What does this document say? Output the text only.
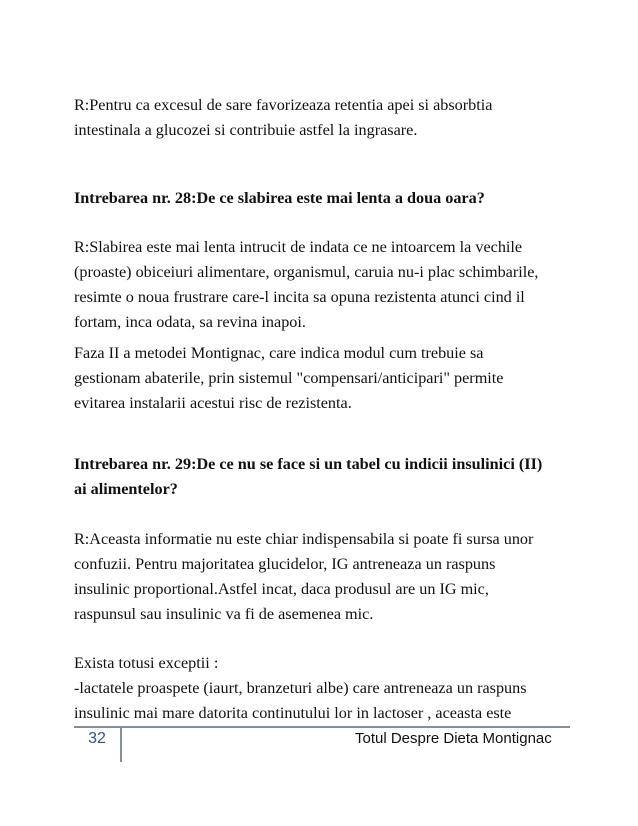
R:Pentru ca excesul de sare favorizeaza retentia apei si absorbtia
intestinala a glucozei si contribuie astfel la ingrasare.
Intrebarea nr. 28:De ce slabirea este mai lenta a doua oara?
R:Slabirea este mai lenta intrucit de indata ce ne intoarcem la vechile
(proaste) obiceiuri alimentare, organismul, caruia nu-i plac schimbarile,
resimte o noua frustrare care-l incita sa opuna rezistenta atunci cind il
fortam, inca odata, sa revina inapoi.
Faza II a metodei Montignac, care indica modul cum trebuie sa
gestionam abaterile, prin sistemul "compensari/anticipari" permite
evitarea instalarii acestui risc de rezistenta.
Intrebarea nr. 29:De ce nu se face si un tabel cu indicii insulinici (II)
ai alimentelor?
R:Aceasta informatie nu este chiar indispensabila si poate fi sursa unor
confuzii. Pentru majoritatea glucidelor, IG antreneaza un raspuns
insulinic proportional.Astfel incat, daca produsul are un IG mic,
raspunsul sau insulinic va fi de asemenea mic.
Exista totusi exceptii :
-lactatele proaspete (iaurt, branzeturi albe) care antreneaza un raspuns
insulinic mai mare datorita continutului lor in lactoser , aceasta este
32	Totul Despre Dieta Montignac
